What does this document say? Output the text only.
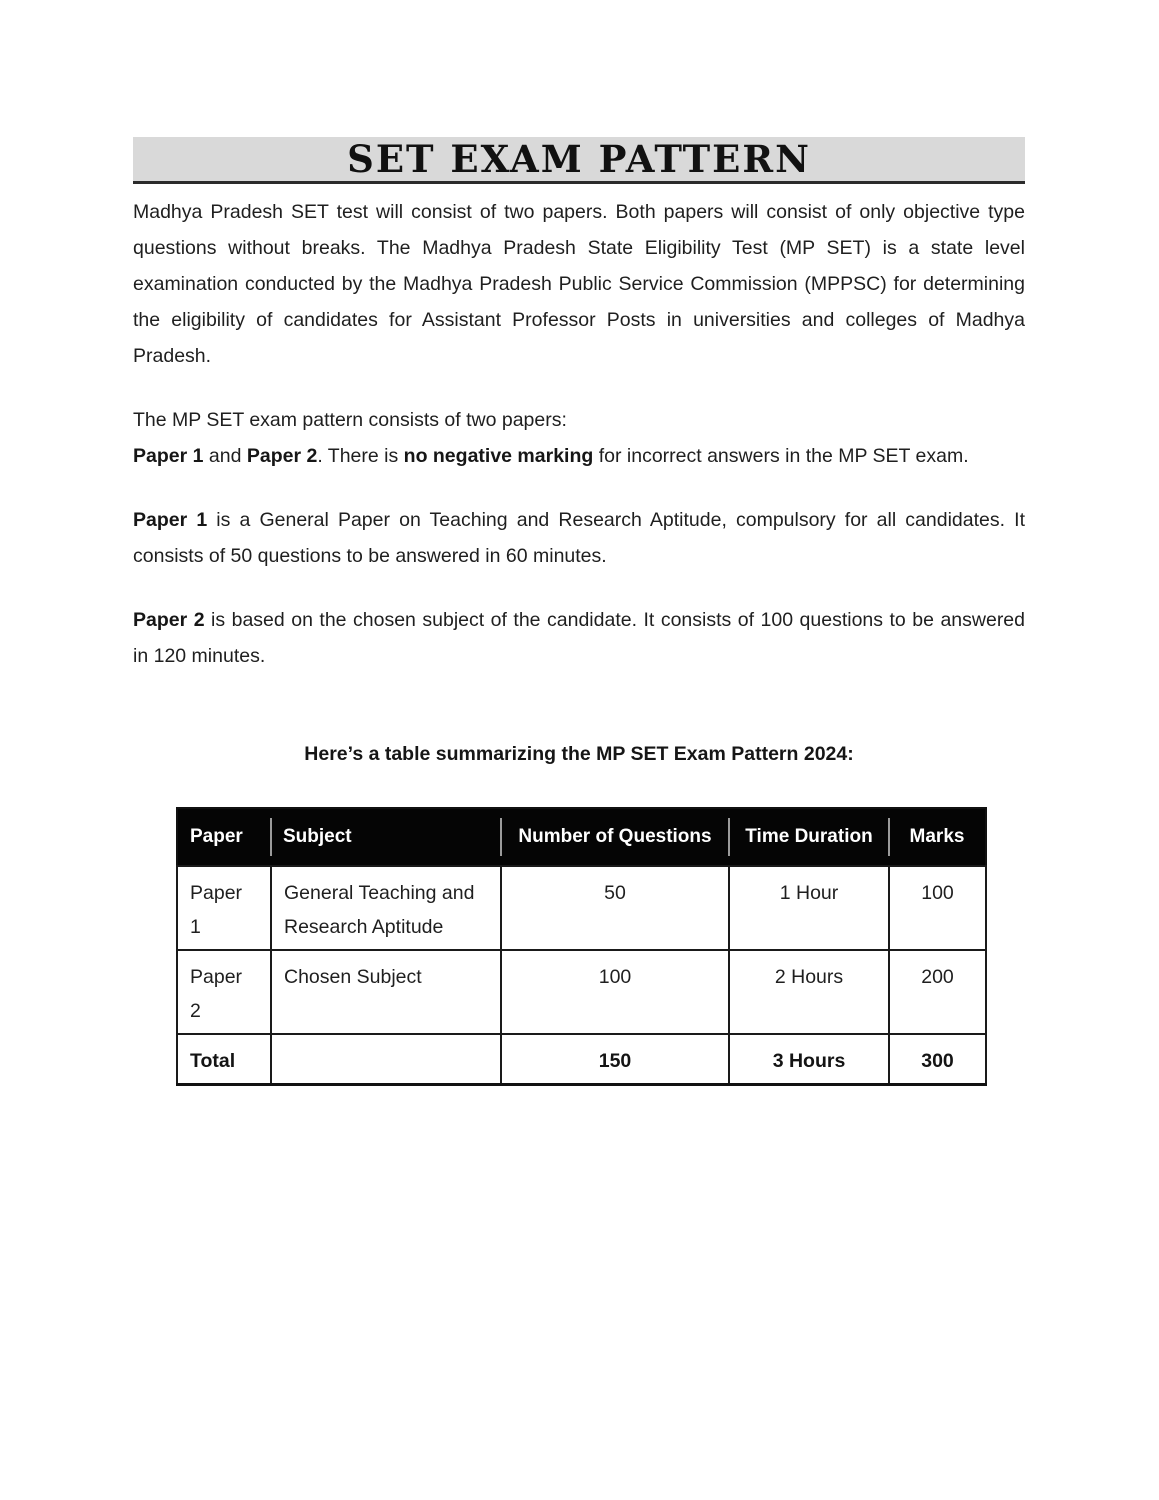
SET EXAM PATTERN

Madhya Pradesh SET test will consist of two papers. Both papers will consist of only objective type questions without breaks. The Madhya Pradesh State Eligibility Test (MP SET) is a state level examination conducted by the Madhya Pradesh Public Service Commission (MPPSC) for determining the eligibility of candidates for Assistant Professor Posts in universities and colleges of Madhya Pradesh.

The MP SET exam pattern consists of two papers:
Paper 1 and Paper 2. There is no negative marking for incorrect answers in the MP SET exam.

Paper 1 is a General Paper on Teaching and Research Aptitude, compulsory for all candidates. It consists of 50 questions to be answered in 60 minutes.

Paper 2 is based on the chosen subject of the candidate. It consists of 100 questions to be answered in 120 minutes.

Here’s a table summarizing the MP SET Exam Pattern 2024:
Paper	Subject	Number of Questions	Time Duration	Marks
Paper 1	General Teaching and Research Aptitude	50	1 Hour	100
Paper 2	Chosen Subject	100	2 Hours	200
Total		150	3 Hours	300
